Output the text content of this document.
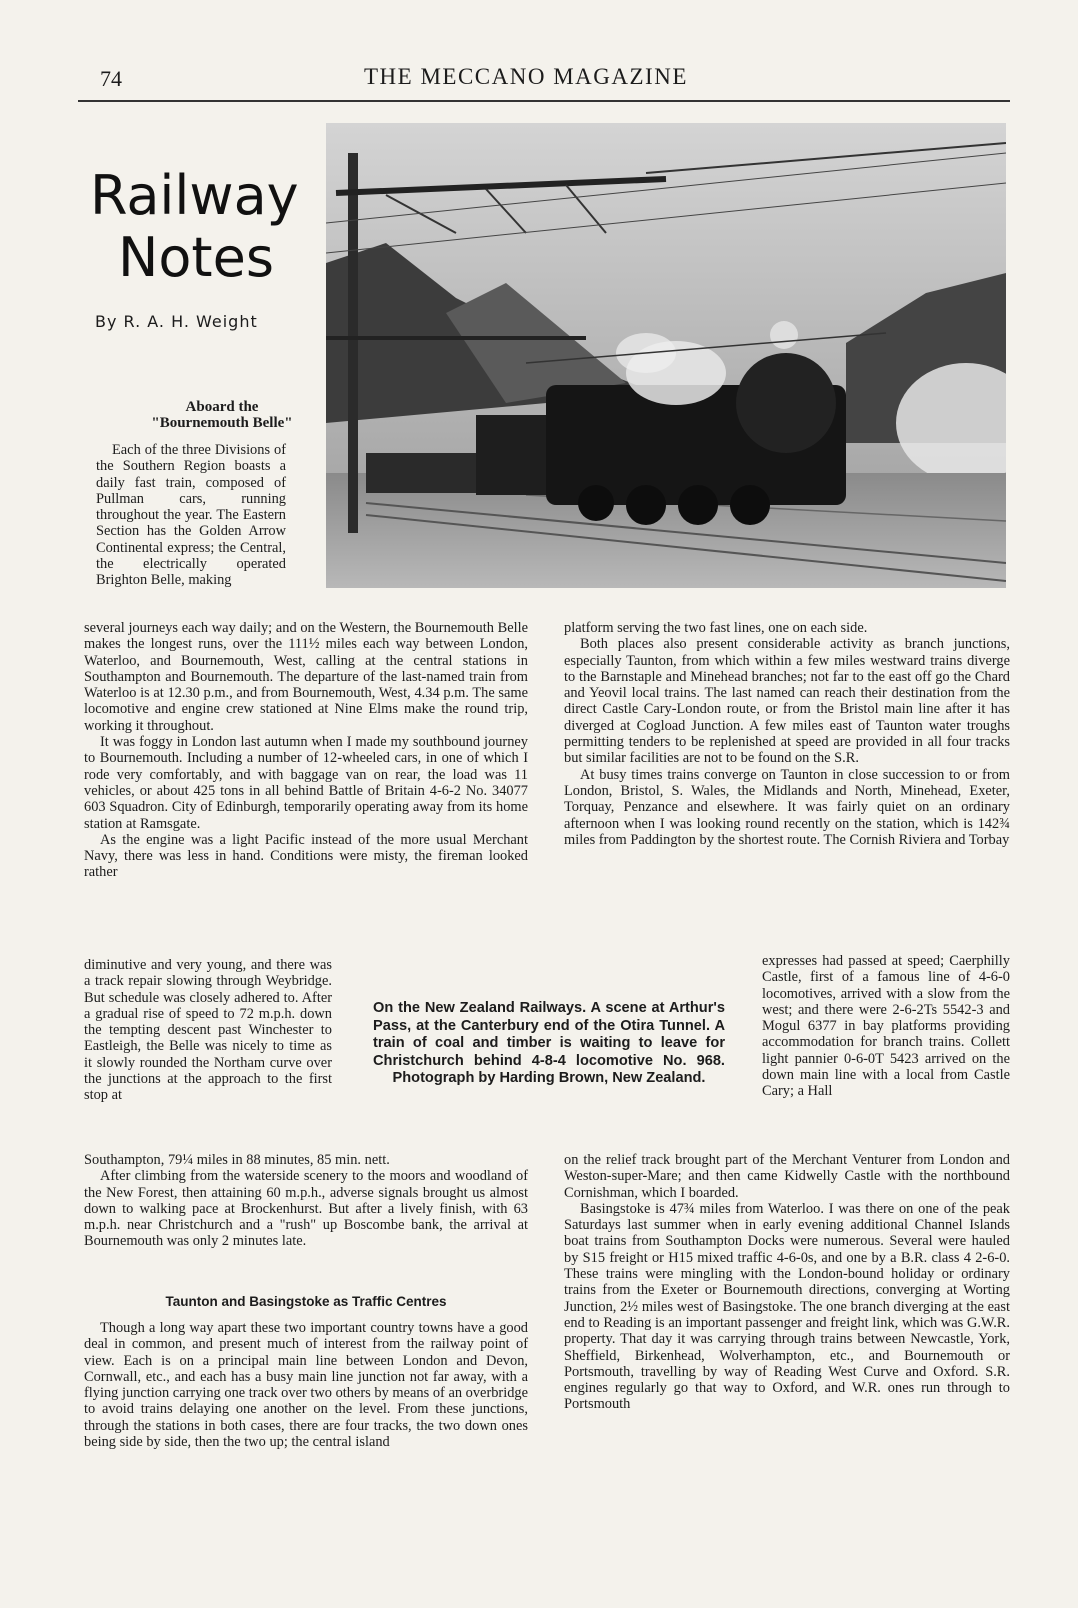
74	THE MECCANO MAGAZINE
Railway
Notes
By R. A. H. Weight
Aboard the "Bournemouth Belle"

Each of the three Divisions of the Southern Region boasts a daily fast train, composed of Pullman cars, running throughout the year. The Eastern Section has the Golden Arrow Continental express; the Central, the electrically operated Brighton Belle, making

several journeys each way daily; and on the Western, the Bournemouth Belle makes the longest runs, over the 111½ miles each way between London, Waterloo, and Bournemouth, West, calling at the central stations in Southampton and Bournemouth. The departure of the last-named train from Waterloo is at 12.30 p.m., and from Bournemouth, West, 4.34 p.m. The same locomotive and engine crew stationed at Nine Elms make the round trip, working it throughout.

It was foggy in London last autumn when I made my southbound journey to Bournemouth. Including a number of 12-wheeled cars, in one of which I rode very comfortably, and with baggage van on rear, the load was 11 vehicles, or about 425 tons in all behind Battle of Britain 4-6-2 No. 34077 603 Squadron. City of Edinburgh, temporarily operating away from its home station at Ramsgate.

As the engine was a light Pacific instead of the more usual Merchant Navy, there was less in hand. Conditions were misty, the fireman looked rather

diminutive and very young, and there was a track repair slowing through Weybridge. But schedule was closely adhered to. After a gradual rise of speed to 72 m.p.h. down the tempting descent past Winchester to Eastleigh, the Belle was nicely to time as it slowly rounded the Northam curve over the junctions at the approach to the first stop at

On the New Zealand Railways. A scene at Arthur's Pass, at the Canterbury end of the Otira Tunnel. A train of coal and timber is waiting to leave for Christchurch behind 4-8-4 locomotive No. 968. Photograph by Harding Brown, New Zealand.

Southampton, 79¼ miles in 88 minutes, 85 min. nett.

After climbing from the waterside scenery to the moors and woodland of the New Forest, then attaining 60 m.p.h., adverse signals brought us almost down to walking pace at Brockenhurst. But after a lively finish, with 63 m.p.h. near Christchurch and a "rush" up Boscombe bank, the arrival at Bournemouth was only 2 minutes late.

Taunton and Basingstoke as Traffic Centres

Though a long way apart these two important country towns have a good deal in common, and present much of interest from the railway point of view. Each is on a principal main line between London and Devon, Cornwall, etc., and each has a busy main line junction not far away, with a flying junction carrying one track over two others by means of an overbridge to avoid trains delaying one another on the level. From these junctions, through the stations in both cases, there are four tracks, the two down ones being side by side, then the two up; the central island

platform serving the two fast lines, one on each side.

Both places also present considerable activity as branch junctions, especially Taunton, from which within a few miles westward trains diverge to the Barnstaple and Minehead branches; not far to the east off go the Chard and Yeovil local trains. The last named can reach their destination from the direct Castle Cary-London route, or from the Bristol main line after it has diverged at Cogload Junction. A few miles east of Taunton water troughs permitting tenders to be replenished at speed are provided in all four tracks but similar facilities are not to be found on the S.R.

At busy times trains converge on Taunton in close succession to or from London, Bristol, S. Wales, the Midlands and North, Minehead, Exeter, Torquay, Penzance and elsewhere. It was fairly quiet on an ordinary afternoon when I was looking round recently on the station, which is 142¾ miles from Paddington by the shortest route. The Cornish Riviera and Torbay

expresses had passed at speed; Caerphilly Castle, first of a famous line of 4-6-0 locomotives, arrived with a slow from the west; and there were 2-6-2Ts 5542-3 and Mogul 6377 in bay platforms providing accommodation for branch trains. Collett light pannier 0-6-0T 5423 arrived on the down main line with a local from Castle Cary; a Hall

on the relief track brought part of the Merchant Venturer from London and Weston-super-Mare; and then came Kidwelly Castle with the northbound Cornishman, which I boarded.

Basingstoke is 47¾ miles from Waterloo. I was there on one of the peak Saturdays last summer when in early evening additional Channel Islands boat trains from Southampton Docks were numerous. Several were hauled by S15 freight or H15 mixed traffic 4-6-0s, and one by a B.R. class 4 2-6-0. These trains were mingling with the London-bound holiday or ordinary trains from the Exeter or Bournemouth directions, converging at Worting Junction, 2½ miles west of Basingstoke. The one branch diverging at the east end to Reading is an important passenger and freight link, which was G.W.R. property. That day it was carrying through trains between Newcastle, York, Sheffield, Birkenhead, Wolverhampton, etc., and Bournemouth or Portsmouth, travelling by way of Reading West Curve and Oxford. S.R. engines regularly go that way to Oxford, and W.R. ones run through to Portsmouth
